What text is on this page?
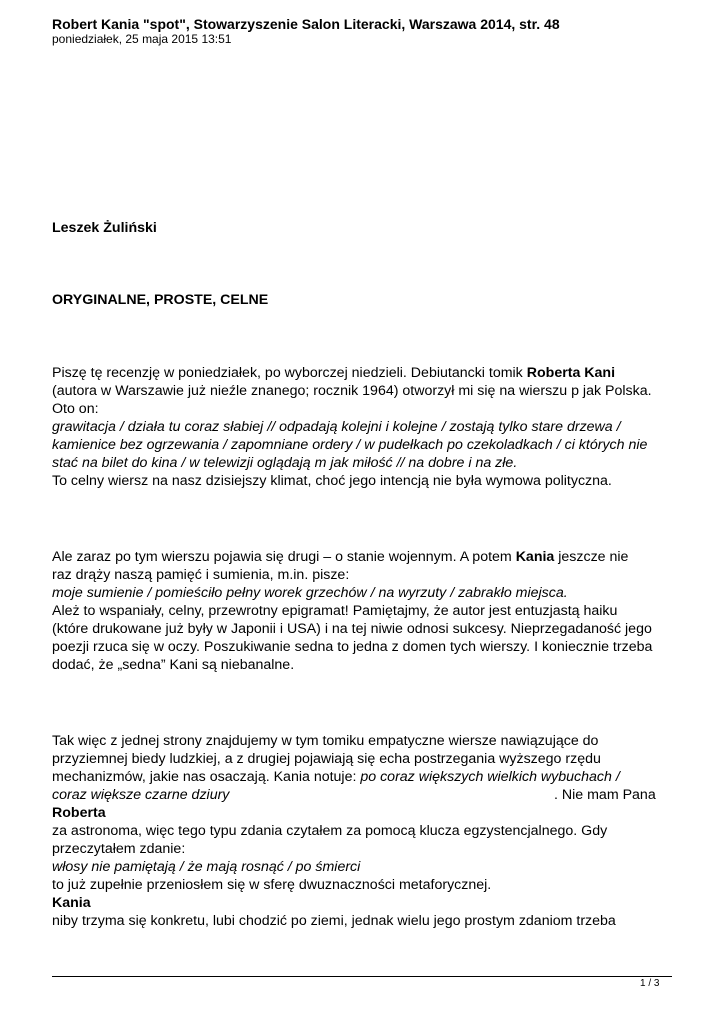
Robert Kania "spot", Stowarzyszenie Salon Literacki, Warszawa 2014, str. 48
poniedziałek, 25 maja 2015 13:51
Leszek Żuliński
ORYGINALNE, PROSTE, CELNE
Piszę tę recenzję w poniedziałek, po wyborczej niedzieli. Debiutancki tomik Roberta Kani
(autora w Warszawie już nieźle znanego; rocznik 1964) otworzył mi się na wierszu p jak Polska.
Oto on:
grawitacja / działa tu coraz słabiej // odpadają kolejni i kolejne / zostają tylko stare drzewa /
kamienice bez ogrzewania / zapomniane ordery / w pudełkach po czekoladkach / ci których nie
stać na bilet do kina / w telewizji oglądają m jak miłość // na dobre i na złe.
To celny wiersz na nasz dzisiejszy klimat, choć jego intencją nie była wymowa polityczna.
Ale zaraz po tym wierszu pojawia się drugi – o stanie wojennym. A potem Kania jeszcze nie
raz drąży naszą pamięć i sumienia, m.in. pisze:
moje sumienie / pomieściło pełny worek grzechów / na wyrzuty / zabrakło miejsca.
Ależ to wspaniały, celny, przewrotny epigramat! Pamiętajmy, że autor jest entuzjastą haiku
(które drukowane już były w Japonii i USA) i na tej niwie odnosi sukcesy. Nieprzegadaność jego
poezji rzuca się w oczy. Poszukiwanie sedna to jedna z domen tych wierszy. I koniecznie trzeba
dodać, że „sedna” Kani są niebanalne.
Tak więc z jednej strony znajdujemy w tym tomiku empatyczne wiersze nawiązujące do
przyziemnej biedy ludzkiej, a z drugiej pojawiają się echa postrzegania wyższego rzędu
mechanizmów, jakie nas osaczają. Kania notuje: po coraz większych wielkich wybuchach /
coraz większe czarne dziury	. Nie mam Pana
Roberta
za astronoma, więc tego typu zdania czytałem za pomocą klucza egzystencjalnego. Gdy
przeczytałem zdanie:
włosy nie pamiętają / że mają rosnąć / po śmierci
to już zupełnie przeniosłem się w sferę dwuznaczności metaforycznej.
Kania
niby trzyma się konkretu, lubi chodzić po ziemi, jednak wielu jego prostym zdaniom trzeba
1 / 3
